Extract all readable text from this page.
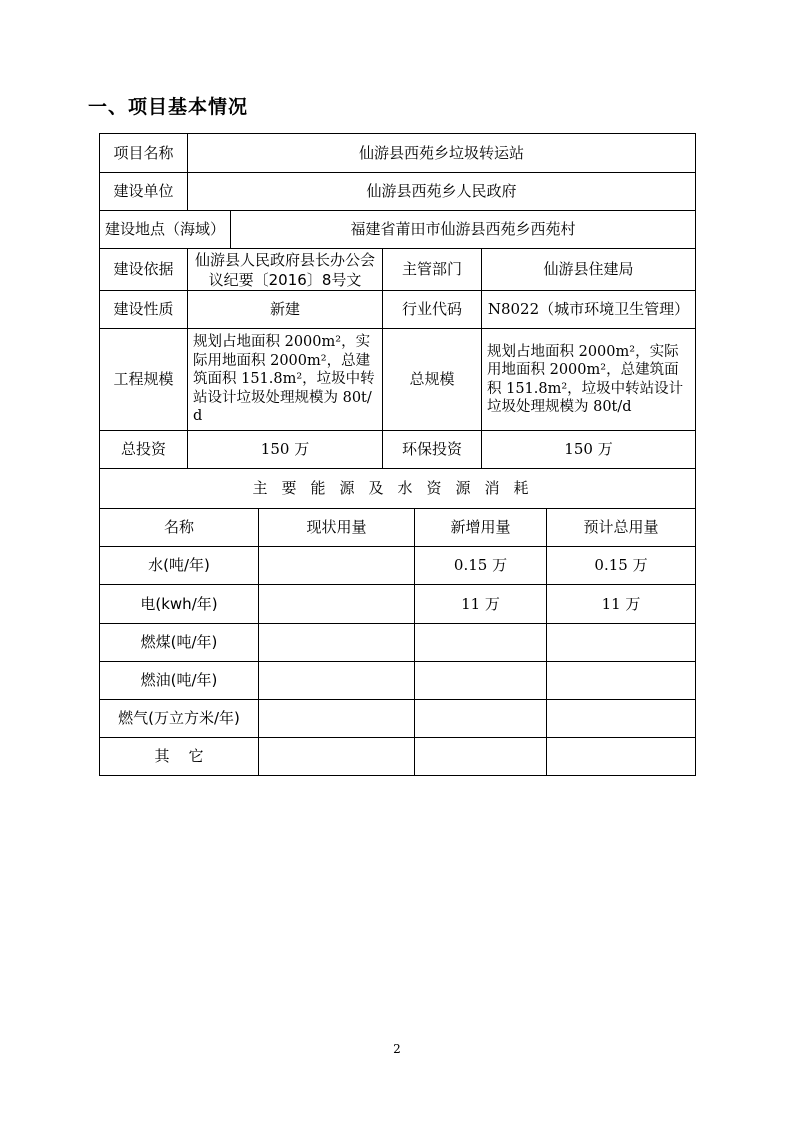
一、项目基本情况
项目名称	仙游县西苑乡垃圾转运站
建设单位	仙游县西苑乡人民政府
建设地点（海域）	福建省莆田市仙游县西苑乡西苑村
建设依据	仙游县人民政府县长办公会议纪要〔2016〕8号文	主管部门	仙游县住建局
建设性质	新建	行业代码	N8022（城市环境卫生管理）
工程规模	规划占地面积 2000m²，实际用地面积 2000m²，总建筑面积 151.8m²，垃圾中转站设计垃圾处理规模为 80t/d	总规模	规划占地面积 2000m²，实际用地面积 2000m²，总建筑面积 151.8m²，垃圾中转站设计垃圾处理规模为 80t/d
总投资	150 万	环保投资	150 万
主要能源及水资源消耗			
名称	现状用量	新增用量	预计总用量
水(吨/年)		0.15 万	0.15 万
电(kwh/年)		11 万	11 万
燃煤(吨/年)			
燃油(吨/年)			
燃气(万立方米/年)			
其    它			
2
